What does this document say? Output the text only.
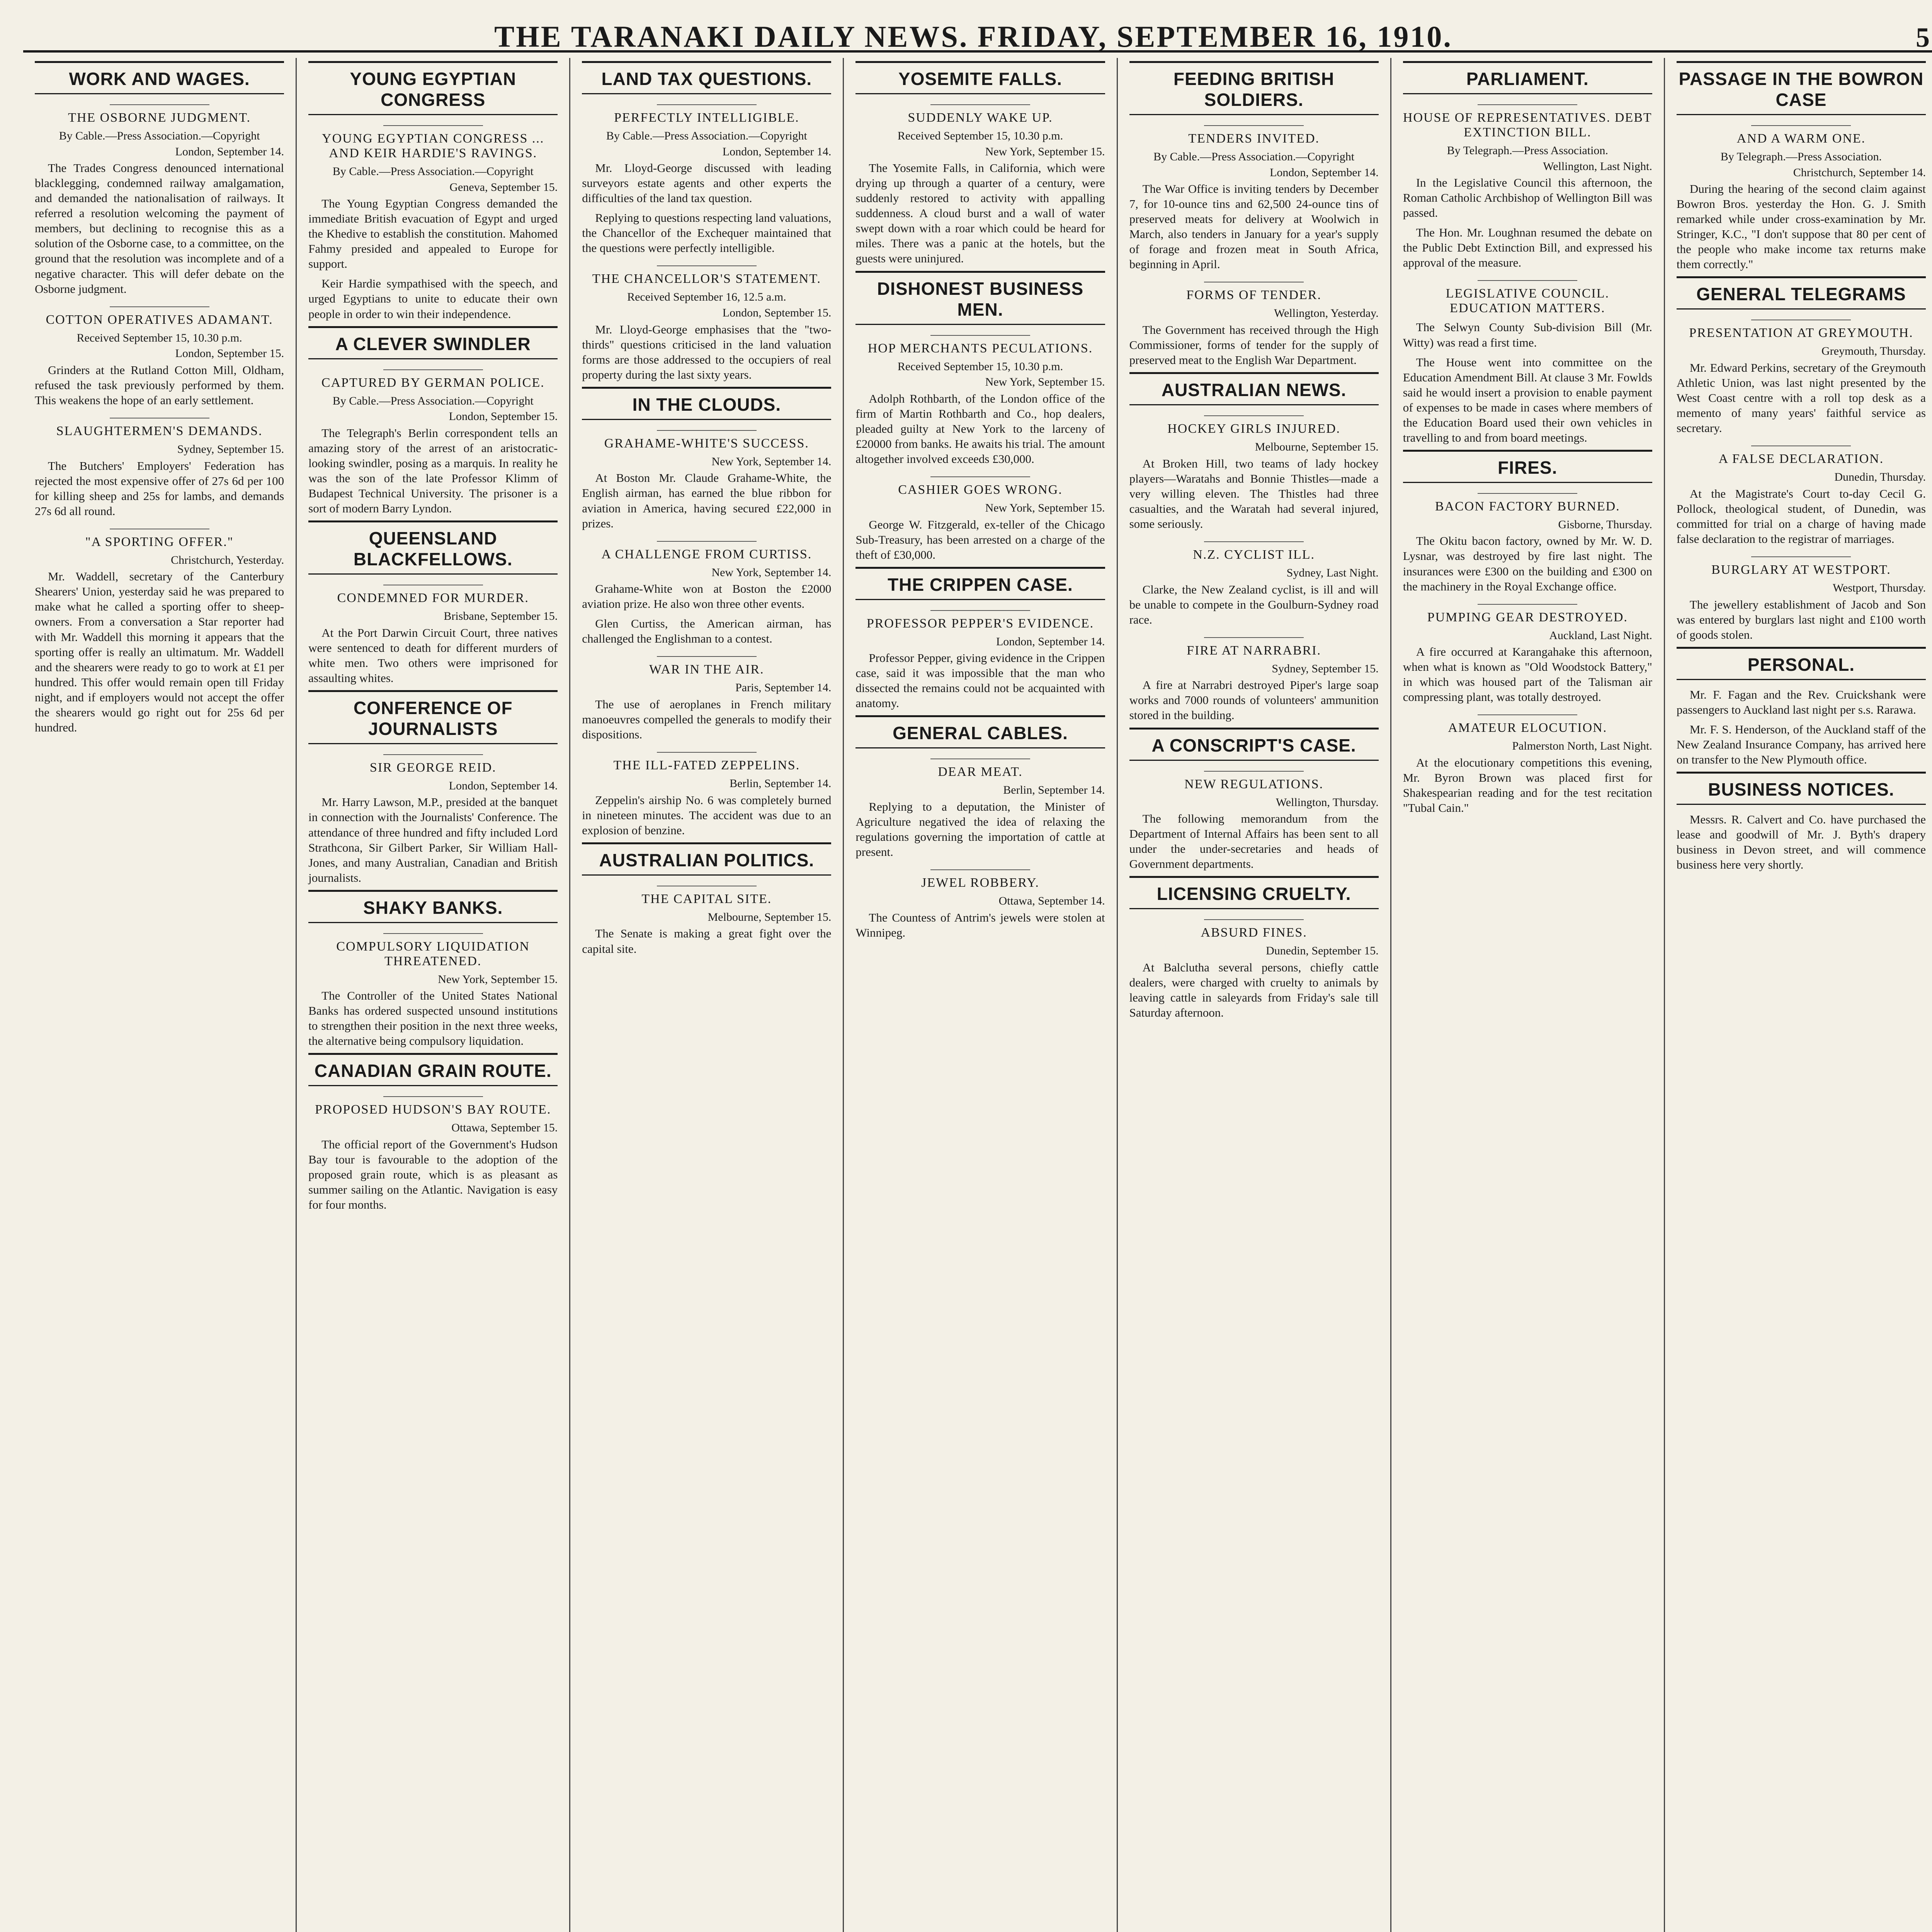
THE TARANAKI DAILY NEWS. FRIDAY, SEPTEMBER 16, 1910.	5
WORK AND WAGES.
THE OSBORNE JUDGMENT.
By Cable.—Press Association.—Copyright
London, September 14.

The Trades Congress denounced international blacklegging, condemned railway amalgamation, and demanded the nationalisation of railways. It referred a resolution welcoming the payment of members, but declining to recognise this as a solution of the Osborne case, to a committee, on the ground that the resolution was incomplete and of a negative character. This will defer debate on the Osborne judgment.

COTTON OPERATIVES ADAMANT.
Received September 15, 10.30 p.m.
London, September 15.

Grinders at the Rutland Cotton Mill, Oldham, refused the task previously performed by them. This weakens the hope of an early settlement.

SLAUGHTERMEN'S DEMANDS.
Sydney, September 15.

The Butchers' Employers' Federation has rejected the most expensive offer of 27s 6d per 100 for killing sheep and 25s for lambs, and demands 27s 6d all round.

"A SPORTING OFFER."
Christchurch, Yesterday.

Mr. Waddell, secretary of the Canterbury Shearers' Union, yesterday said he was prepared to make what he called a sporting offer to sheep-owners. From a conversation a Star reporter had with Mr. Waddell this morning it appears that the sporting offer is really an ultimatum. Mr. Waddell and the shearers were ready to go to work at £1 per hundred. This offer would remain open till Friday night, and if employers would not accept the offer the shearers would go right out for 25s 6d per hundred.

YOUNG EGYPTIAN CONGRESS
YOUNG EGYPTIAN CONGRESS ... AND KEIR HARDIE'S RAVINGS.
By Cable.—Press Association.—Copyright
Geneva, September 15.

The Young Egyptian Congress demanded the immediate British evacuation of Egypt and urged the Khedive to establish the constitution. Mahomed Fahmy presided and appealed to Europe for support.

Keir Hardie sympathised with the speech, and urged Egyptians to unite to educate their own people in order to win their independence.

A CLEVER SWINDLER
CAPTURED BY GERMAN POLICE.
By Cable.—Press Association.—Copyright
London, September 15.

The Telegraph's Berlin correspondent tells an amazing story of the arrest of an aristocratic-looking swindler, posing as a marquis. In reality he was the son of the late Professor Klimm of Budapest Technical University. The prisoner is a sort of modern Barry Lyndon.

QUEENSLAND BLACKFELLOWS.
CONDEMNED FOR MURDER.
Brisbane, September 15.

At the Port Darwin Circuit Court, three natives were sentenced to death for different murders of white men. Two others were imprisoned for assaulting whites.

CONFERENCE OF JOURNALISTS
SIR GEORGE REID.
London, September 14.

Mr. Harry Lawson, M.P., presided at the banquet in connection with the Journalists' Conference. The attendance of three hundred and fifty included Lord Strathcona, Sir Gilbert Parker, Sir William Hall-Jones, and many Australian, Canadian and British journalists.

SHAKY BANKS.
COMPULSORY LIQUIDATION THREATENED.
New York, September 15.

The Controller of the United States National Banks has ordered suspected unsound institutions to strengthen their position in the next three weeks, the alternative being compulsory liquidation.

CANADIAN GRAIN ROUTE.
PROPOSED HUDSON'S BAY ROUTE.
Ottawa, September 15.

The official report of the Government's Hudson Bay tour is favourable to the adoption of the proposed grain route, which is as pleasant as summer sailing on the Atlantic. Navigation is easy for four months.

LAND TAX QUESTIONS.
PERFECTLY INTELLIGIBLE.
By Cable.—Press Association.—Copyright
London, September 14.

Mr. Lloyd-George discussed with leading surveyors estate agents and other experts the difficulties of the land tax question.

Replying to questions respecting land valuations, the Chancellor of the Exchequer maintained that the questions were perfectly intelligible.

THE CHANCELLOR'S STATEMENT.
Received September 16, 12.5 a.m.
London, September 15.

Mr. Lloyd-George emphasises that the "two-thirds" questions criticised in the land valuation forms are those addressed to the occupiers of real property during the last sixty years.

IN THE CLOUDS.
GRAHAME-WHITE'S SUCCESS.
New York, September 14.

At Boston Mr. Claude Grahame-White, the English airman, has earned the blue ribbon for aviation in America, having secured £22,000 in prizes.

A CHALLENGE FROM CURTISS.
New York, September 14.

Grahame-White won at Boston the £2000 aviation prize. He also won three other events.

Glen Curtiss, the American airman, has challenged the Englishman to a contest.

WAR IN THE AIR.
Paris, September 14.

The use of aeroplanes in French military manoeuvres compelled the generals to modify their dispositions.

THE ILL-FATED ZEPPELINS.
Berlin, September 14.

Zeppelin's airship No. 6 was completely burned in nineteen minutes. The accident was due to an explosion of benzine.

AUSTRALIAN POLITICS.
THE CAPITAL SITE.
Melbourne, September 15.

The Senate is making a great fight over the capital site.

YOSEMITE FALLS.
SUDDENLY WAKE UP.
Received September 15, 10.30 p.m.
New York, September 15.

The Yosemite Falls, in California, which were drying up through a quarter of a century, were suddenly restored to activity with appalling suddenness. A cloud burst and a wall of water swept down with a roar which could be heard for miles. There was a panic at the hotels, but the guests were uninjured.

DISHONEST BUSINESS MEN.
HOP MERCHANTS PECULATIONS.
Received September 15, 10.30 p.m.
New York, September 15.

Adolph Rothbarth, of the London office of the firm of Martin Rothbarth and Co., hop dealers, pleaded guilty at New York to the larceny of £20000 from banks. He awaits his trial. The amount altogether involved exceeds £30,000.

CASHIER GOES WRONG.
New York, September 15.

George W. Fitzgerald, ex-teller of the Chicago Sub-Treasury, has been arrested on a charge of the theft of £30,000.

THE CRIPPEN CASE.
PROFESSOR PEPPER'S EVIDENCE.
London, September 14.

Professor Pepper, giving evidence in the Crippen case, said it was impossible that the man who dissected the remains could not be acquainted with anatomy.

GENERAL CABLES.
DEAR MEAT.
Berlin, September 14.

Replying to a deputation, the Minister of Agriculture negatived the idea of relaxing the regulations governing the importation of cattle at present.

JEWEL ROBBERY.
Ottawa, September 14.

The Countess of Antrim's jewels were stolen at Winnipeg.

FEEDING BRITISH SOLDIERS.
TENDERS INVITED.
By Cable.—Press Association.—Copyright
London, September 14.

The War Office is inviting tenders by December 7, for 10-ounce tins and 62,500 24-ounce tins of preserved meats for delivery at Woolwich in March, also tenders in January for a year's supply of forage and frozen meat in South Africa, beginning in April.

FORMS OF TENDER.
Wellington, Yesterday.

The Government has received through the High Commissioner, forms of tender for the supply of preserved meat to the English War Department.

AUSTRALIAN NEWS.
HOCKEY GIRLS INJURED.
Melbourne, September 15.

At Broken Hill, two teams of lady hockey players—Waratahs and Bonnie Thistles—made a very willing eleven. The Thistles had three casualties, and the Waratah had several injured, some seriously.

N.Z. CYCLIST ILL.
Sydney, Last Night.

Clarke, the New Zealand cyclist, is ill and will be unable to compete in the Goulburn-Sydney road race.

FIRE AT NARRABRI.
Sydney, September 15.

A fire at Narrabri destroyed Piper's large soap works and 7000 rounds of volunteers' ammunition stored in the building.

A CONSCRIPT'S CASE.
NEW REGULATIONS.
Wellington, Thursday.

The following memorandum from the Department of Internal Affairs has been sent to all under the under-secretaries and heads of Government departments.

LICENSING CRUELTY.
ABSURD FINES.
Dunedin, September 15.

At Balclutha several persons, chiefly cattle dealers, were charged with cruelty to animals by leaving cattle in saleyards from Friday's sale till Saturday afternoon.

PARLIAMENT.
HOUSE OF REPRESENTATIVES. DEBT EXTINCTION BILL.
By Telegraph.—Press Association.
Wellington, Last Night.

In the Legislative Council this afternoon, the Roman Catholic Archbishop of Wellington Bill was passed.

The Hon. Mr. Loughnan resumed the debate on the Public Debt Extinction Bill, and expressed his approval of the measure.

LEGISLATIVE COUNCIL. EDUCATION MATTERS.

The Selwyn County Sub-division Bill (Mr. Witty) was read a first time.

The House went into committee on the Education Amendment Bill. At clause 3 Mr. Fowlds said he would insert a provision to enable payment of expenses to be made in cases where members of the Education Board used their own vehicles in travelling to and from board meetings.

FIRES.
BACON FACTORY BURNED.
Gisborne, Thursday.

The Okitu bacon factory, owned by Mr. W. D. Lysnar, was destroyed by fire last night. The insurances were £300 on the building and £300 on the machinery in the Royal Exchange office.

PUMPING GEAR DESTROYED.
Auckland, Last Night.

A fire occurred at Karangahake this afternoon, when what is known as "Old Woodstock Battery," in which was housed part of the Talisman air compressing plant, was totally destroyed.

AMATEUR ELOCUTION.
Palmerston North, Last Night.

At the elocutionary competitions this evening, Mr. Byron Brown was placed first for Shakespearian reading and for the test recitation "Tubal Cain."

PASSAGE IN THE BOWRON CASE
AND A WARM ONE.
By Telegraph.—Press Association.
Christchurch, September 14.

During the hearing of the second claim against Bowron Bros. yesterday the Hon. G. J. Smith remarked while under cross-examination by Mr. Stringer, K.C., "I don't suppose that 80 per cent of the people who make income tax returns make them correctly."

GENERAL TELEGRAMS
PRESENTATION AT GREYMOUTH.
Greymouth, Thursday.

Mr. Edward Perkins, secretary of the Greymouth Athletic Union, was last night presented by the West Coast centre with a roll top desk as a memento of many years' faithful service as secretary.

A FALSE DECLARATION.
Dunedin, Thursday.

At the Magistrate's Court to-day Cecil G. Pollock, theological student, of Dunedin, was committed for trial on a charge of having made false declaration to the registrar of marriages.

BURGLARY AT WESTPORT.
Westport, Thursday.

The jewellery establishment of Jacob and Son was entered by burglars last night and £100 worth of goods stolen.

PERSONAL.

Mr. F. Fagan and the Rev. Cruickshank were passengers to Auckland last night per s.s. Rarawa.

Mr. F. S. Henderson, of the Auckland staff of the New Zealand Insurance Company, has arrived here on transfer to the New Plymouth office.

BUSINESS NOTICES.

Messrs. R. Calvert and Co. have purchased the lease and goodwill of Mr. J. Byth's drapery business in Devon street, and will commence business here very shortly.
